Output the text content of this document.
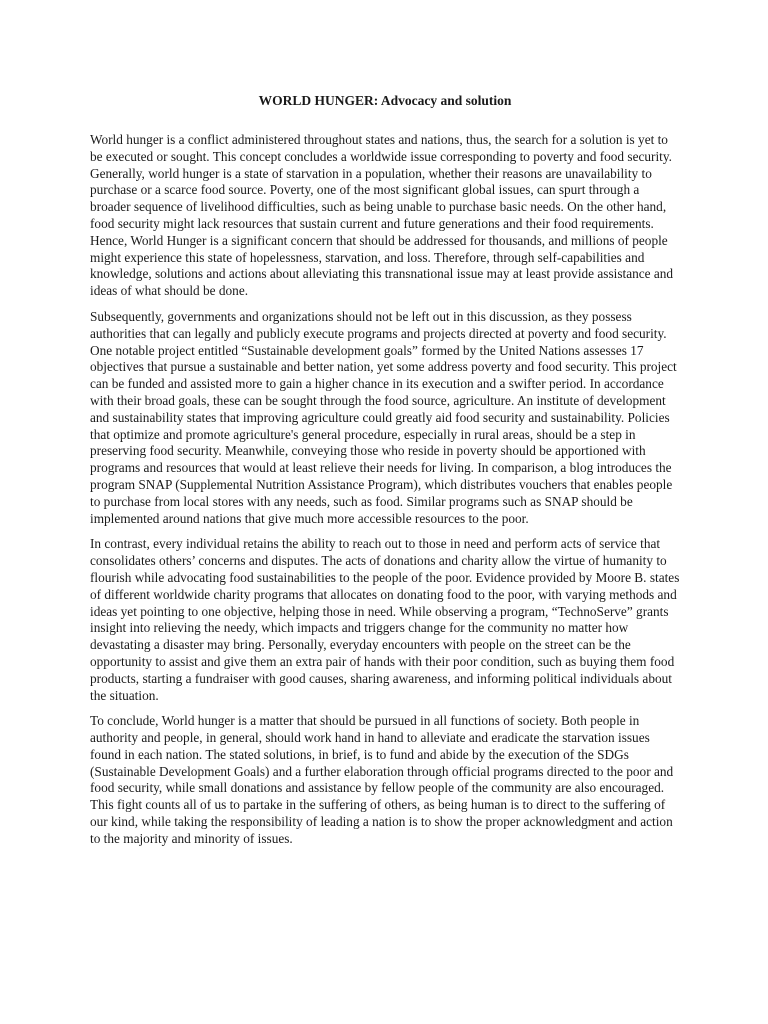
WORLD HUNGER: Advocacy and solution

World hunger is a conflict administered throughout states and nations, thus, the search for a solution is yet to be executed or sought. This concept concludes a worldwide issue corresponding to poverty and food security. Generally, world hunger is a state of starvation in a population, whether their reasons are unavailability to purchase or a scarce food source. Poverty, one of the most significant global issues, can spurt through a broader sequence of livelihood difficulties, such as being unable to purchase basic needs. On the other hand, food security might lack resources that sustain current and future generations and their food requirements. Hence, World Hunger is a significant concern that should be addressed for thousands, and millions of people might experience this state of hopelessness, starvation, and loss. Therefore, through self-capabilities and knowledge, solutions and actions about alleviating this transnational issue may at least provide assistance and ideas of what should be done.

Subsequently, governments and organizations should not be left out in this discussion, as they possess authorities that can legally and publicly execute programs and projects directed at poverty and food security. One notable project entitled “Sustainable development goals” formed by the United Nations assesses 17 objectives that pursue a sustainable and better nation, yet some address poverty and food security. This project can be funded and assisted more to gain a higher chance in its execution and a swifter period. In accordance with their broad goals, these can be sought through the food source, agriculture. An institute of development and sustainability states that improving agriculture could greatly aid food security and sustainability. Policies that optimize and promote agriculture's general procedure, especially in rural areas, should be a step in preserving food security. Meanwhile, conveying those who reside in poverty should be apportioned with programs and resources that would at least relieve their needs for living. In comparison, a blog introduces the program SNAP (Supplemental Nutrition Assistance Program), which distributes vouchers that enables people to purchase from local stores with any needs, such as food. Similar programs such as SNAP should be implemented around nations that give much more accessible resources to the poor.

In contrast, every individual retains the ability to reach out to those in need and perform acts of service that consolidates others’ concerns and disputes. The acts of donations and charity allow the virtue of humanity to flourish while advocating food sustainabilities to the people of the poor. Evidence provided by Moore B. states of different worldwide charity programs that allocates on donating food to the poor, with varying methods and ideas yet pointing to one objective, helping those in need. While observing a program, “TechnoServe” grants insight into relieving the needy, which impacts and triggers change for the community no matter how devastating a disaster may bring. Personally, everyday encounters with people on the street can be the opportunity to assist and give them an extra pair of hands with their poor condition, such as buying them food products, starting a fundraiser with good causes, sharing awareness, and informing political individuals about the situation.

To conclude, World hunger is a matter that should be pursued in all functions of society. Both people in authority and people, in general, should work hand in hand to alleviate and eradicate the starvation issues found in each nation. The stated solutions, in brief, is to fund and abide by the execution of the SDGs (Sustainable Development Goals) and a further elaboration through official programs directed to the poor and food security, while small donations and assistance by fellow people of the community are also encouraged. This fight counts all of us to partake in the suffering of others, as being human is to direct to the suffering of our kind, while taking the responsibility of leading a nation is to show the proper acknowledgment and action to the majority and minority of issues.
